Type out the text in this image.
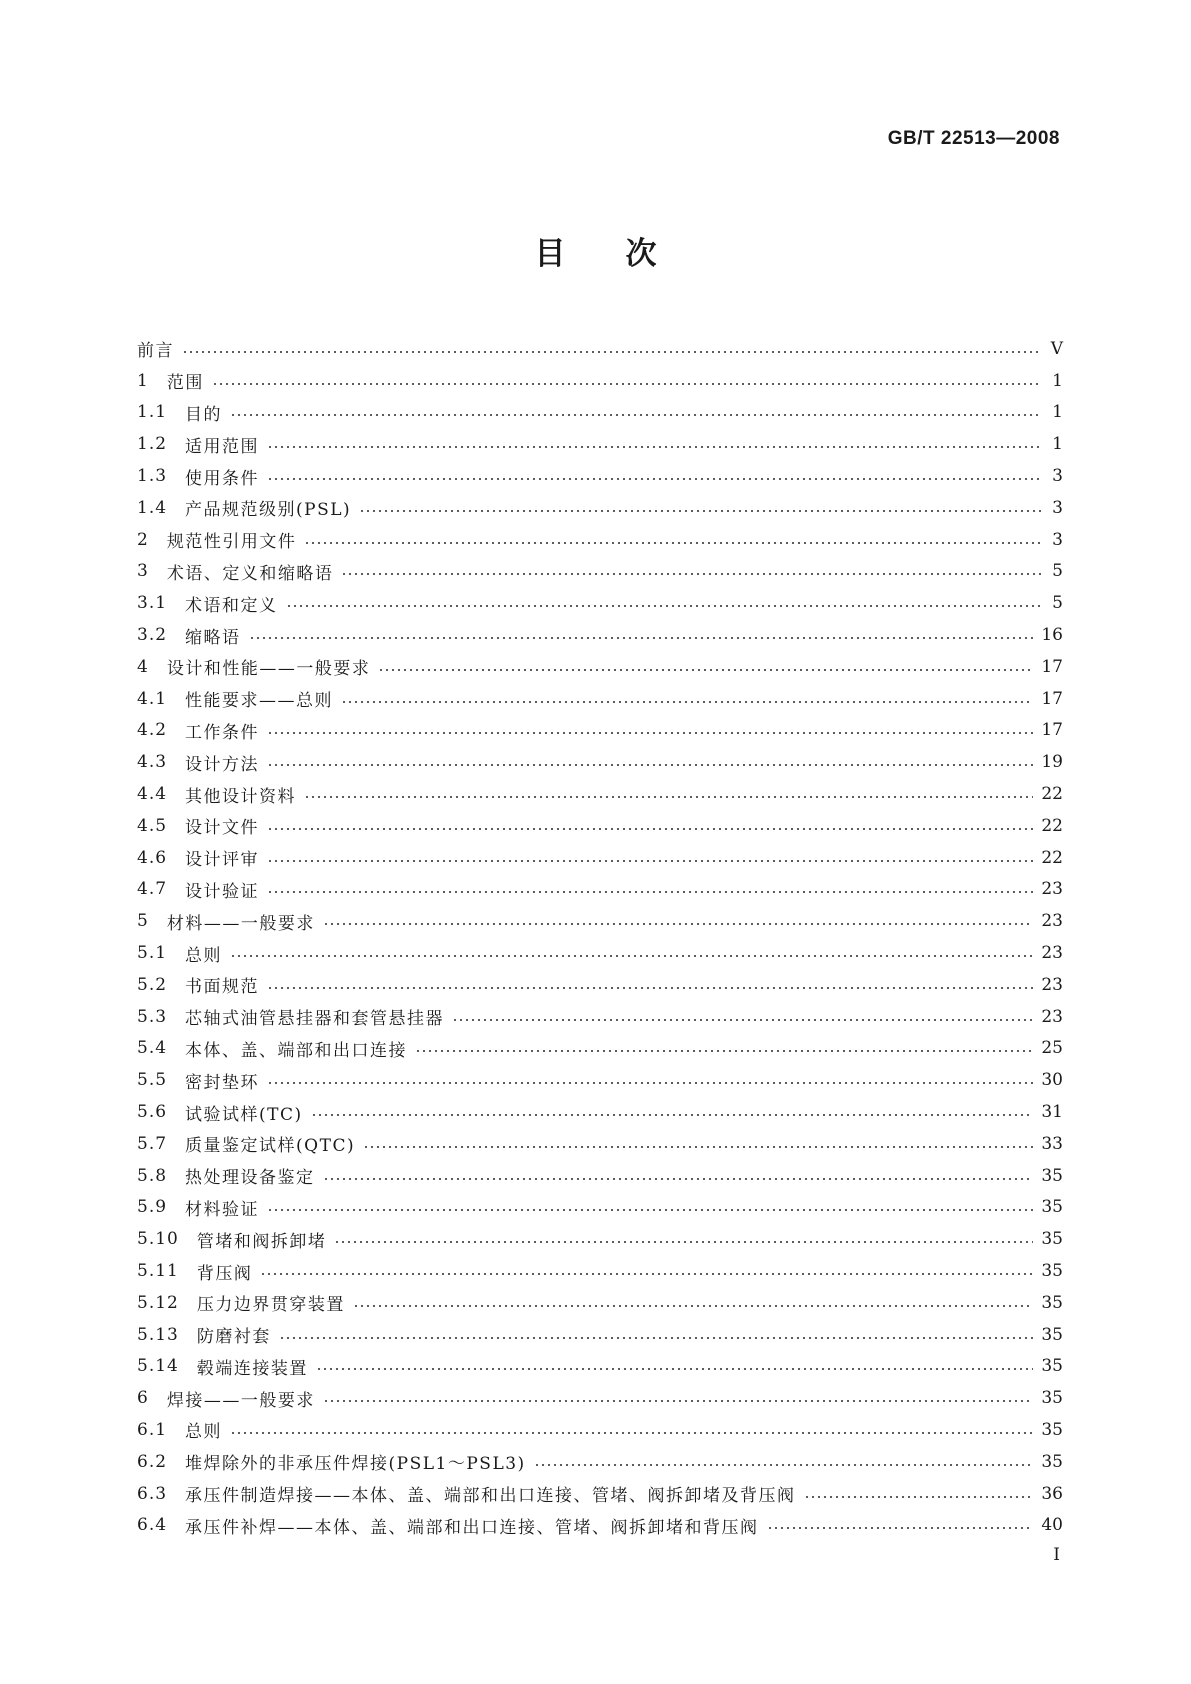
GB/T 22513—2008
目次
前言	V
1 范围	1
1.1 目的	1
1.2 适用范围	1
1.3 使用条件	3
1.4 产品规范级别(PSL)	3
2 规范性引用文件	3
3 术语、定义和缩略语	5
3.1 术语和定义	5
3.2 缩略语	16
4 设计和性能——一般要求	17
4.1 性能要求——总则	17
4.2 工作条件	17
4.3 设计方法	19
4.4 其他设计资料	22
4.5 设计文件	22
4.6 设计评审	22
4.7 设计验证	23
5 材料——一般要求	23
5.1 总则	23
5.2 书面规范	23
5.3 芯轴式油管悬挂器和套管悬挂器	23
5.4 本体、盖、端部和出口连接	25
5.5 密封垫环	30
5.6 试验试样(TC)	31
5.7 质量鉴定试样(QTC)	33
5.8 热处理设备鉴定	35
5.9 材料验证	35
5.10 管堵和阀拆卸堵	35
5.11 背压阀	35
5.12 压力边界贯穿装置	35
5.13 防磨衬套	35
5.14 毂端连接装置	35
6 焊接——一般要求	35
6.1 总则	35
6.2 堆焊除外的非承压件焊接(PSL1～PSL3)	35
6.3 承压件制造焊接——本体、盖、端部和出口连接、管堵、阀拆卸堵及背压阀	36
6.4 承压件补焊——本体、盖、端部和出口连接、管堵、阀拆卸堵和背压阀	40
I
